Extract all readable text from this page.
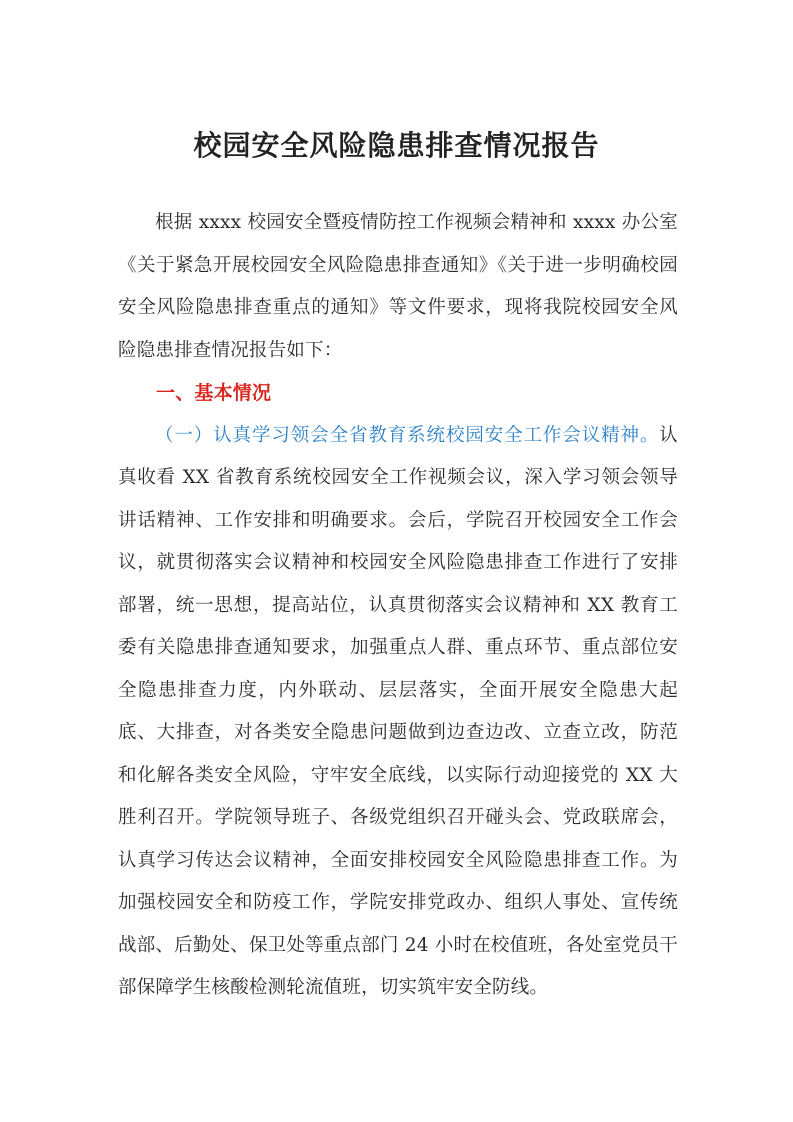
校园安全风险隐患排查情况报告

根据 xxxx 校园安全暨疫情防控工作视频会精神和 xxxx 办公室《关于紧急开展校园安全风险隐患排查通知》《关于进一步明确校园安全风险隐患排查重点的通知》等文件要求，现将我院校园安全风险隐患排查情况报告如下：

一、基本情况

（一）认真学习领会全省教育系统校园安全工作会议精神。认真收看 XX 省教育系统校园安全工作视频会议，深入学习领会领导讲话精神、工作安排和明确要求。会后，学院召开校园安全工作会议，就贯彻落实会议精神和校园安全风险隐患排查工作进行了安排部署，统一思想，提高站位，认真贯彻落实会议精神和 XX 教育工委有关隐患排查通知要求，加强重点人群、重点环节、重点部位安全隐患排查力度，内外联动、层层落实，全面开展安全隐患大起底、大排查，对各类安全隐患问题做到边查边改、立查立改，防范和化解各类安全风险，守牢安全底线，以实际行动迎接党的 XX 大胜利召开。学院领导班子、各级党组织召开碰头会、党政联席会，认真学习传达会议精神，全面安排校园安全风险隐患排查工作。为加强校园安全和防疫工作，学院安排党政办、组织人事处、宣传统战部、后勤处、保卫处等重点部门 24 小时在校值班，各处室党员干部保障学生核酸检测轮流值班，切实筑牢安全防线。
